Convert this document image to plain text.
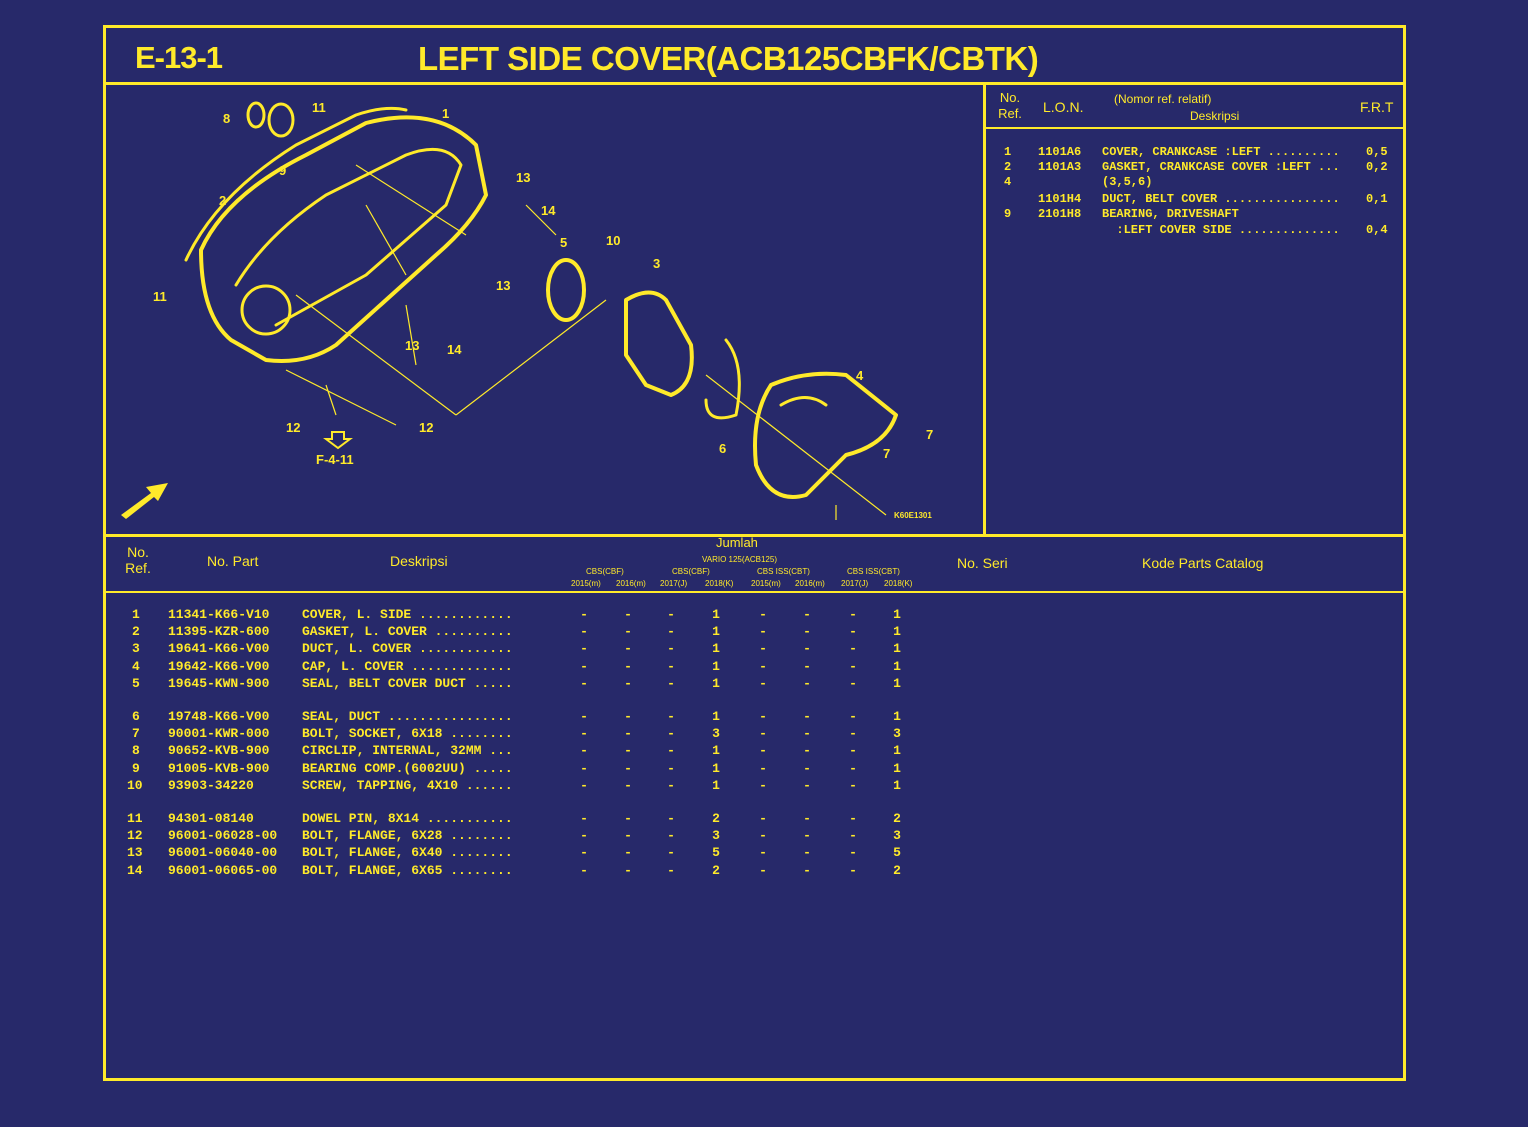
E-13-1	LEFT SIDE COVER(ACB125CBFK/CBTK)
8
11	1
9
2
13
14
5	10
3
11
13
13 14
4
6
7
7
12	12
F-4-11
K60E1301
No.
Ref. L.O.N.	(Nomor ref. relatif)
Deskripsi
F.R.T
1 1101A6 COVER, CRANKCASE :LEFT .......... 0,5
2 1101A3 GASKET, CRANKCASE COVER :LEFT ... 0,2
4	(3,5,6)
1101H4 DUCT, BELT COVER ................ 0,1
9 2101H8 BEARING, DRIVESHAFT
:LEFT COVER SIDE .............. 0,4
No.
Ref.	No. Part	Deskripsi
Jumlah
VARIO 125(ACB125)
CBS(CBF)	CBS(CBF)	CBS ISS(CBT)	CBS ISS(CBT)
2015(m) 2016(m) 2017(J) 2018(K) 2015(m) 2016(m) 2017(J) 2018(K)
No. Seri	Kode Parts Catalog
1 11341-K66-V10	COVER, L. SIDE ............	-	-	-	1	-	-	-	1
2 11395-KZR-600	GASKET, L. COVER ..........	-	-	-	1	-	-	-	1
3 19641-K66-V00	DUCT, L. COVER ............	-	-	-	1	-	-	-	1
4 19642-K66-V00	CAP, L. COVER .............	-	-	-	1	-	-	-	1
5 19645-KWN-900	SEAL, BELT COVER DUCT .....	-	-	-	1	-	-	-	1
6 19748-K66-V00	SEAL, DUCT ................	-	-	-	1	-	-	-	1
7 90001-KWR-000	BOLT, SOCKET, 6X18 ........	-	-	-	3	-	-	-	3
8 90652-KVB-900	CIRCLIP, INTERNAL, 32MM ...	-	-	-	1	-	-	-	1
9 91005-KVB-900	BEARING COMP.(6002UU) .....	-	-	-	1	-	-	-	1
10 93903-34220	SCREW, TAPPING, 4X10 ......	-	-	-	1	-	-	-	1
11 94301-08140	DOWEL PIN, 8X14 ...........	-	-	-	2	-	-	-	2
12 96001-06028-00 BOLT, FLANGE, 6X28 ........	-	-	-	3	-	-	-	3
13 96001-06040-00 BOLT, FLANGE, 6X40 ........	-	-	-	5	-	-	-	5
14 96001-06065-00 BOLT, FLANGE, 6X65 ........	-	-	-	2	-	-	-	2
